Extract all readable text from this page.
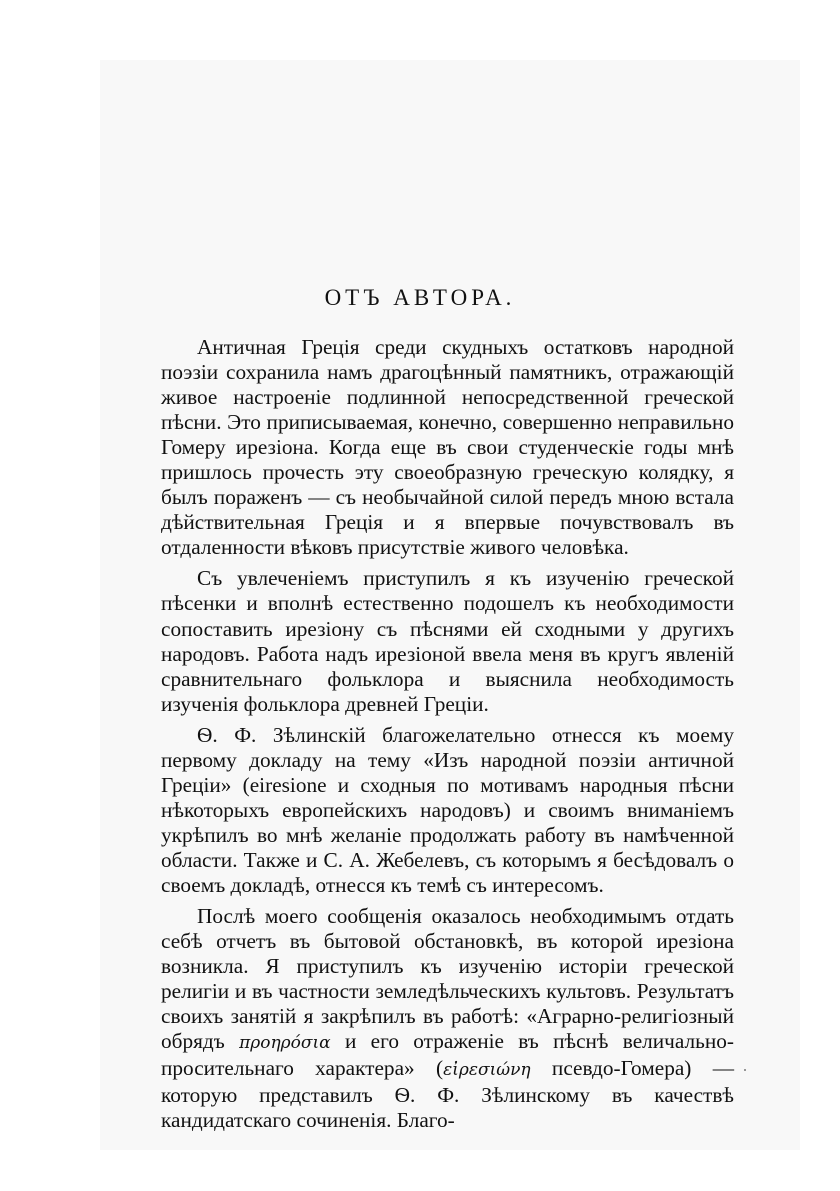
ОТЪ АВТОРА.

Античная Грецiя среди скудныхъ остатковъ народной поэзiи сохранила намъ драгоцѣнный памятникъ, отражающiй живое настроенiе подлинной непосредственной греческой пѣсни. Это приписываемая, конечно, совершенно неправильно Гомеру ирезiона. Когда еще въ свои студенческiе годы мнѣ пришлось прочесть эту своеобразную греческую колядку, я былъ пораженъ — съ необычайной силой передъ мною встала дѣйствительная Грецiя и я впервые почувствовалъ въ отдаленности вѣковъ присутствiе живого человѣка.

Съ увлеченiемъ приступилъ я къ изученiю греческой пѣсенки и вполнѣ естественно подошелъ къ необходимости сопоставить ирезiону съ пѣснями ей сходными у другихъ народовъ. Работа надъ ирезiоной ввела меня въ кругъ явленiй сравнительнаго фольклора и выяснила необходимость изученiя фольклора древней Грецiи.

Ѳ. Ф. Зѣлинскiй благожелательно отнесся къ моему первому докладу на тему «Изъ народной поэзiи античной Грецiи» (eiresione и сходныя по мотивамъ народныя пѣсни нѣкоторыхъ европейскихъ народовъ) и своимъ вниманiемъ укрѣпилъ во мнѣ желанiе продолжать работу въ намѣченной области. Также и С. А. Жебелевъ, съ которымъ я бесѣдовалъ о своемъ докладѣ, отнесся къ темѣ съ интересомъ.

Послѣ моего сообщенiя оказалось необходимымъ отдать себѣ отчетъ въ бытовой обстановкѣ, въ которой ирезiона возникла. Я приступилъ къ изученiю исторiи греческой религiи и въ частности земледѣльческихъ культовъ. Результатъ своихъ занятiй я закрѣпилъ въ работѣ: «Аграрно-религiозный обрядъ προηρόσια и его отраженiе въ пѣснѣ величально-просительнаго характера» (εἰρεσιώνη псевдо-Гомера) — которую представилъ Ѳ. Ф. Зѣлинскому въ качествѣ кандидатскаго сочиненiя. Благо-
